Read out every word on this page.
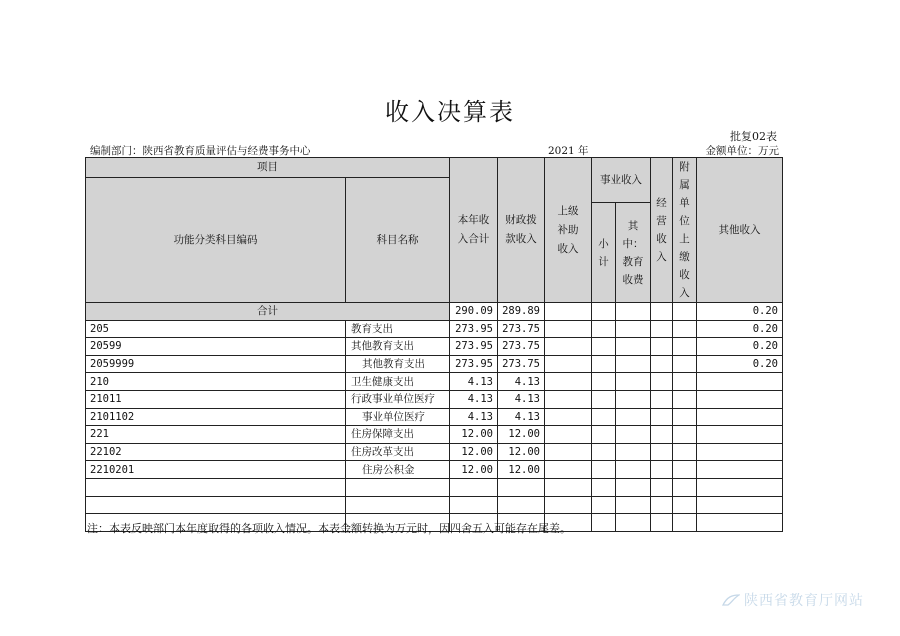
收入决算表
批复02表
编制部门：陕西省教育质量评估与经费事务中心	2021 年	金额单位：万元
项目		本年收入合计	财政拨款收入	上级补助收入	事业收入		经营收入	附属单位上缴收入	其他收入
功能分类科目编码	科目名称								
					小计	其中：教育收费			
合计		290.09	289.89						0.20
205	教育支出	273.95	273.75						0.20
20599	其他教育支出	273.95	273.75						0.20
2059999	其他教育支出	273.95	273.75						0.20
210	卫生健康支出	4.13	4.13						
21011	行政事业单位医疗	4.13	4.13						
2101102	事业单位医疗	4.13	4.13						
221	住房保障支出	12.00	12.00						
22102	住房改革支出	12.00	12.00						
2210201	住房公积金	12.00	12.00						

注：本表反映部门本年度取得的各项收入情况。本表金额转换为万元时，因四舍五入可能存在尾差。
陕西省教育厅网站
